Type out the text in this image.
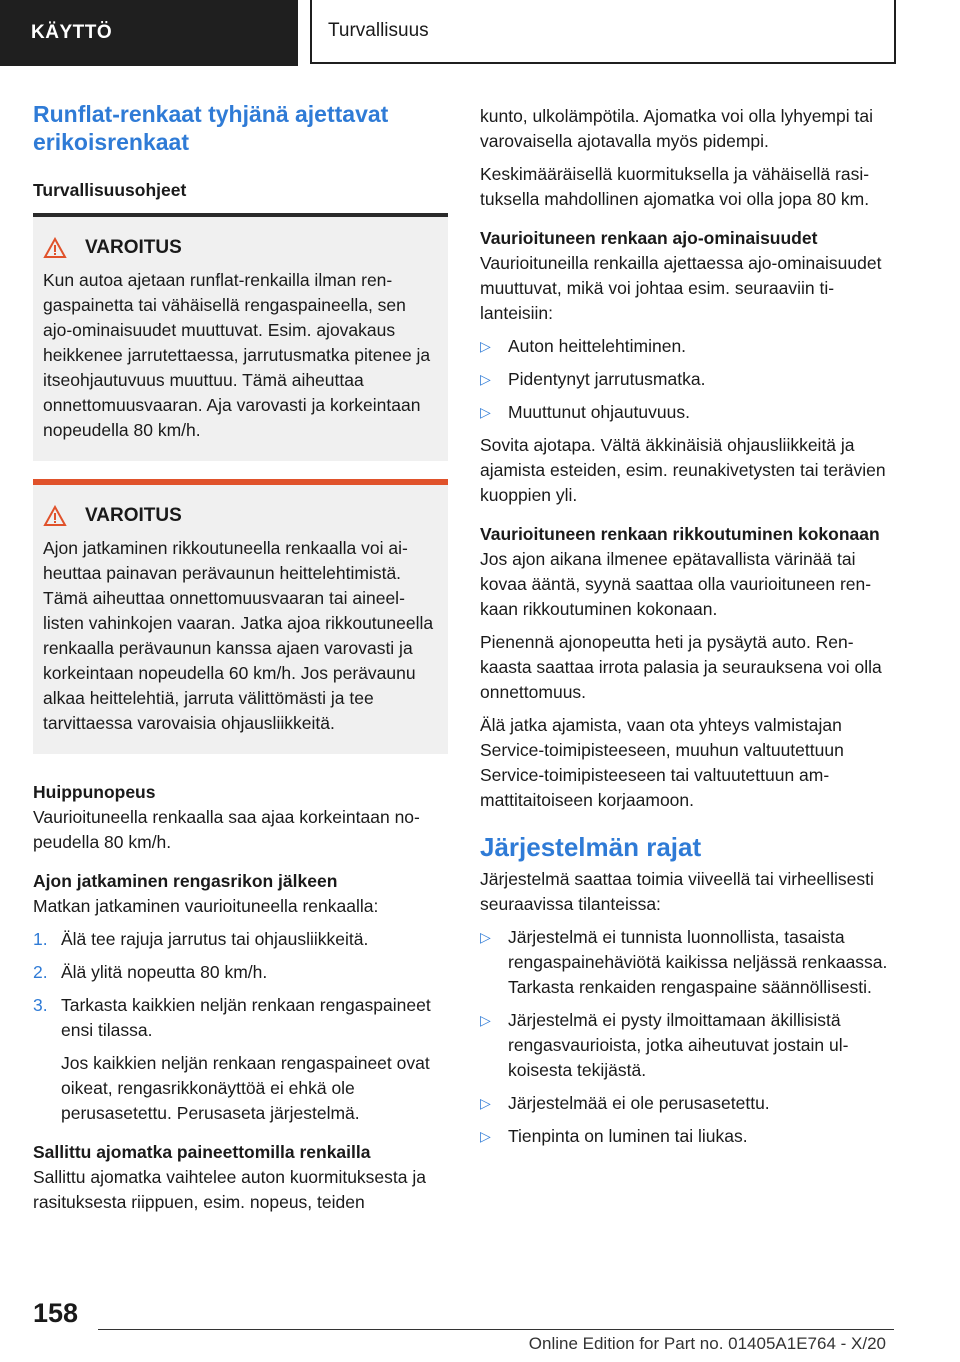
KÄYTTÖ	Turvallisuus
Runflat-renkaat tyhjänä ajettavat erikoisrenkaat
Turvallisuusohjeet
VAROITUS
Kun autoa ajetaan runflat-renkailla ilman rengaspainetta tai vähäisellä rengaspaineella, sen ajo-ominaisuudet muuttuvat. Esim. ajovakaus heikkenee jarrutettaessa, jarrutusmatka pitenee ja itseohjautuvuus muuttuu. Tämä aiheuttaa onnettomuusvaaran. Aja varovasti ja korkeintaan nopeudella 80 km/h.
VAROITUS
Ajon jatkaminen rikkoutuneella renkaalla voi aiheuttaa painavan perävaunun heittelehtimistä. Tämä aiheuttaa onnettomuusvaaran tai aineellisten vahinkojen vaaran. Jatka ajoa rikkoutuneella renkaalla perävaunun kanssa ajaen varovasti ja korkeintaan nopeudella 60 km/h. Jos perävaunu alkaa heittelehtiä, jarruta välittömästi ja tee tarvittaessa varovaisia ohjausliikkeitä.
Huippunopeus

Vaurioituneella renkaalla saa ajaa korkeintaan nopeudella 80 km/h.

Ajon jatkaminen rengasrikon jälkeen

Matkan jatkaminen vaurioituneella renkaalla:

1. Älä tee rajuja jarrutus tai ohjausliikkeitä.
2. Älä ylitä nopeutta 80 km/h.
3. Tarkasta kaikkien neljän renkaan rengaspaineet ensi tilassa.
Jos kaikkien neljän renkaan rengaspaineet ovat oikeat, rengasrikkonäyttöä ei ehkä ole perusasetettu. Perusaseta järjestelmä.
Sallittu ajomatka paineettomilla renkailla

Sallittu ajomatka vaihtelee auton kuormituksesta ja rasituksesta riippuen, esim. nopeus, teiden

kunto, ulkolämpötila. Ajomatka voi olla lyhyempi tai varovaisella ajotavalla myös pidempi.

Keskimääräisellä kuormituksella ja vähäisellä rasituksella mahdollinen ajomatka voi olla jopa 80 km.

Vaurioituneen renkaan ajo-ominaisuudet

Vaurioituneilla renkailla ajettaessa ajo-ominaisuudet muuttuvat, mikä voi johtaa esim. seuraaviin tilanteisiin:

▷ Auton heittelehtiminen.
▷ Pidentynyt jarrutusmatka.
▷ Muuttunut ohjautuvuus.

Sovita ajotapa. Vältä äkkinäisiä ohjausliikkeitä ja ajamista esteiden, esim. reunakivetysten tai terävien kuoppien yli.

Vaurioituneen renkaan rikkoutuminen kokonaan

Jos ajon aikana ilmenee epätavallista värinää tai kovaa ääntä, syynä saattaa olla vaurioituneen renkaan rikkoutuminen kokonaan.

Pienennä ajonopeutta heti ja pysäytä auto. Renkaasta saattaa irrota palasia ja seurauksena voi olla onnettomuus.

Älä jatka ajamista, vaan ota yhteys valmistajan Service-toimipisteeseen, muuhun valtuutettuun Service-toimipisteeseen tai valtuutettuun ammattitaitoiseen korjaamoon.

Järjestelmän rajat

Järjestelmä saattaa toimia viiveellä tai virheellisesti seuraavissa tilanteissa:

▷ Järjestelmä ei tunnista luonnollista, tasaista rengaspainehäviötä kaikissa neljässä renkaassa. Tarkasta renkaiden rengaspaine säännöllisesti.
▷ Järjestelmä ei pysty ilmoittamaan äkillisistä rengasvaurioista, jotka aiheutuvat jostain ulkoisesta tekijästä.
▷ Järjestelmää ei ole perusasetettu.
▷ Tienpinta on luminen tai liukas.
158
Online Edition for Part no. 01405A1E764 - X/20
